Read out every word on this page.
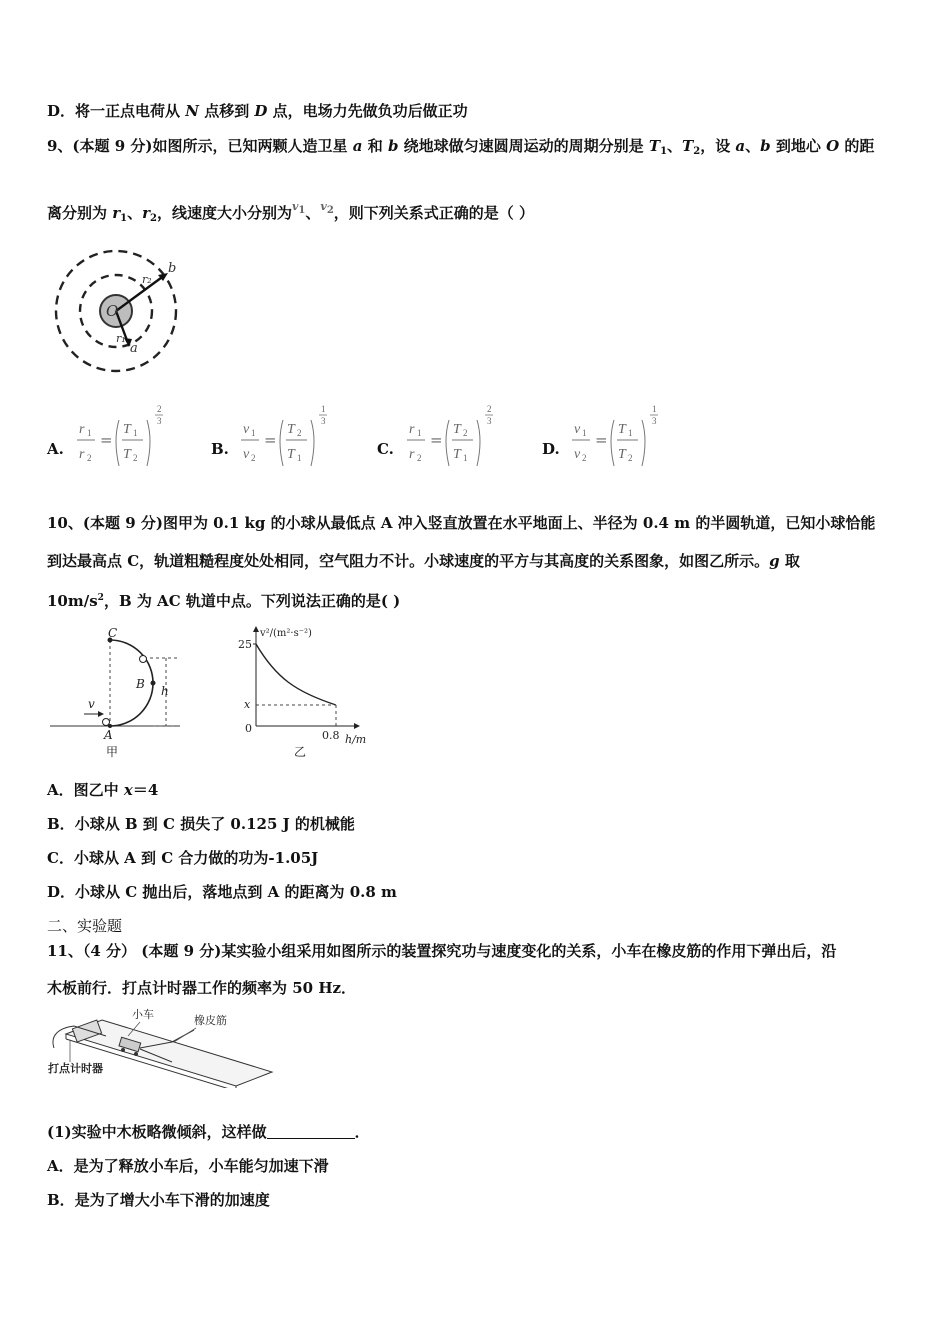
D．将一正点电荷从 N 点移到 D 点，电场力先做负功后做正功
9、(本题 9 分)如图所示，已知两颗人造卫星 a 和 b 绕地球做匀速圆周运动的周期分别是 $T_1$、$T_2$，设 a、b 到地心 O 的距
离分别为 $r_1$、$r_2$，线速度大小分别为$^{v_1}$、$^{v_2}$，则下列关系式正确的是（ ）
O
r₂
b
r₁
a
A.
r 1
r 2
=
T 1
T 2
2
3
B.
v 1
v 2
=
T 2
T 1
1
3
C.
r 1
r 2
=
T 2
T 1
2
3
D.
v 1
v 2
=
T 1
T 2
1
3
10、(本题 9 分)图甲为 0.1 kg 的小球从最低点 A 冲入竖直放置在水平地面上、半径为 0.4 m 的半圆轨道，已知小球恰能
到达最高点 C，轨道粗糙程度处处相同，空气阻力不计。小球速度的平方与其高度的关系图象，如图乙所示。g 取
$10m/s^2$，B 为 AC 轨道中点。下列说法正确的是( )
C
B h
v
A
甲
v²/(m²·s⁻²)
25
x
0
0.8 h/m
乙
A．图乙中 x＝4
B．小球从 B 到 C 损失了 0.125 J 的机械能
C．小球从 A 到 C 合力做的功为-1.05J
D．小球从 C 抛出后，落地点到 A 的距离为 0.8 m
二、实验题
11、（4 分） (本题 9 分)某实验小组采用如图所示的装置探究功与速度变化的关系，小车在橡皮筋的作用下弹出后，沿
木板前行．打点计时器工作的频率为 50 Hz．
小车	橡皮筋
打点计时器
(1)实验中木板略微倾斜，这样做	．
A．是为了释放小车后，小车能匀加速下滑
B．是为了增大小车下滑的加速度
